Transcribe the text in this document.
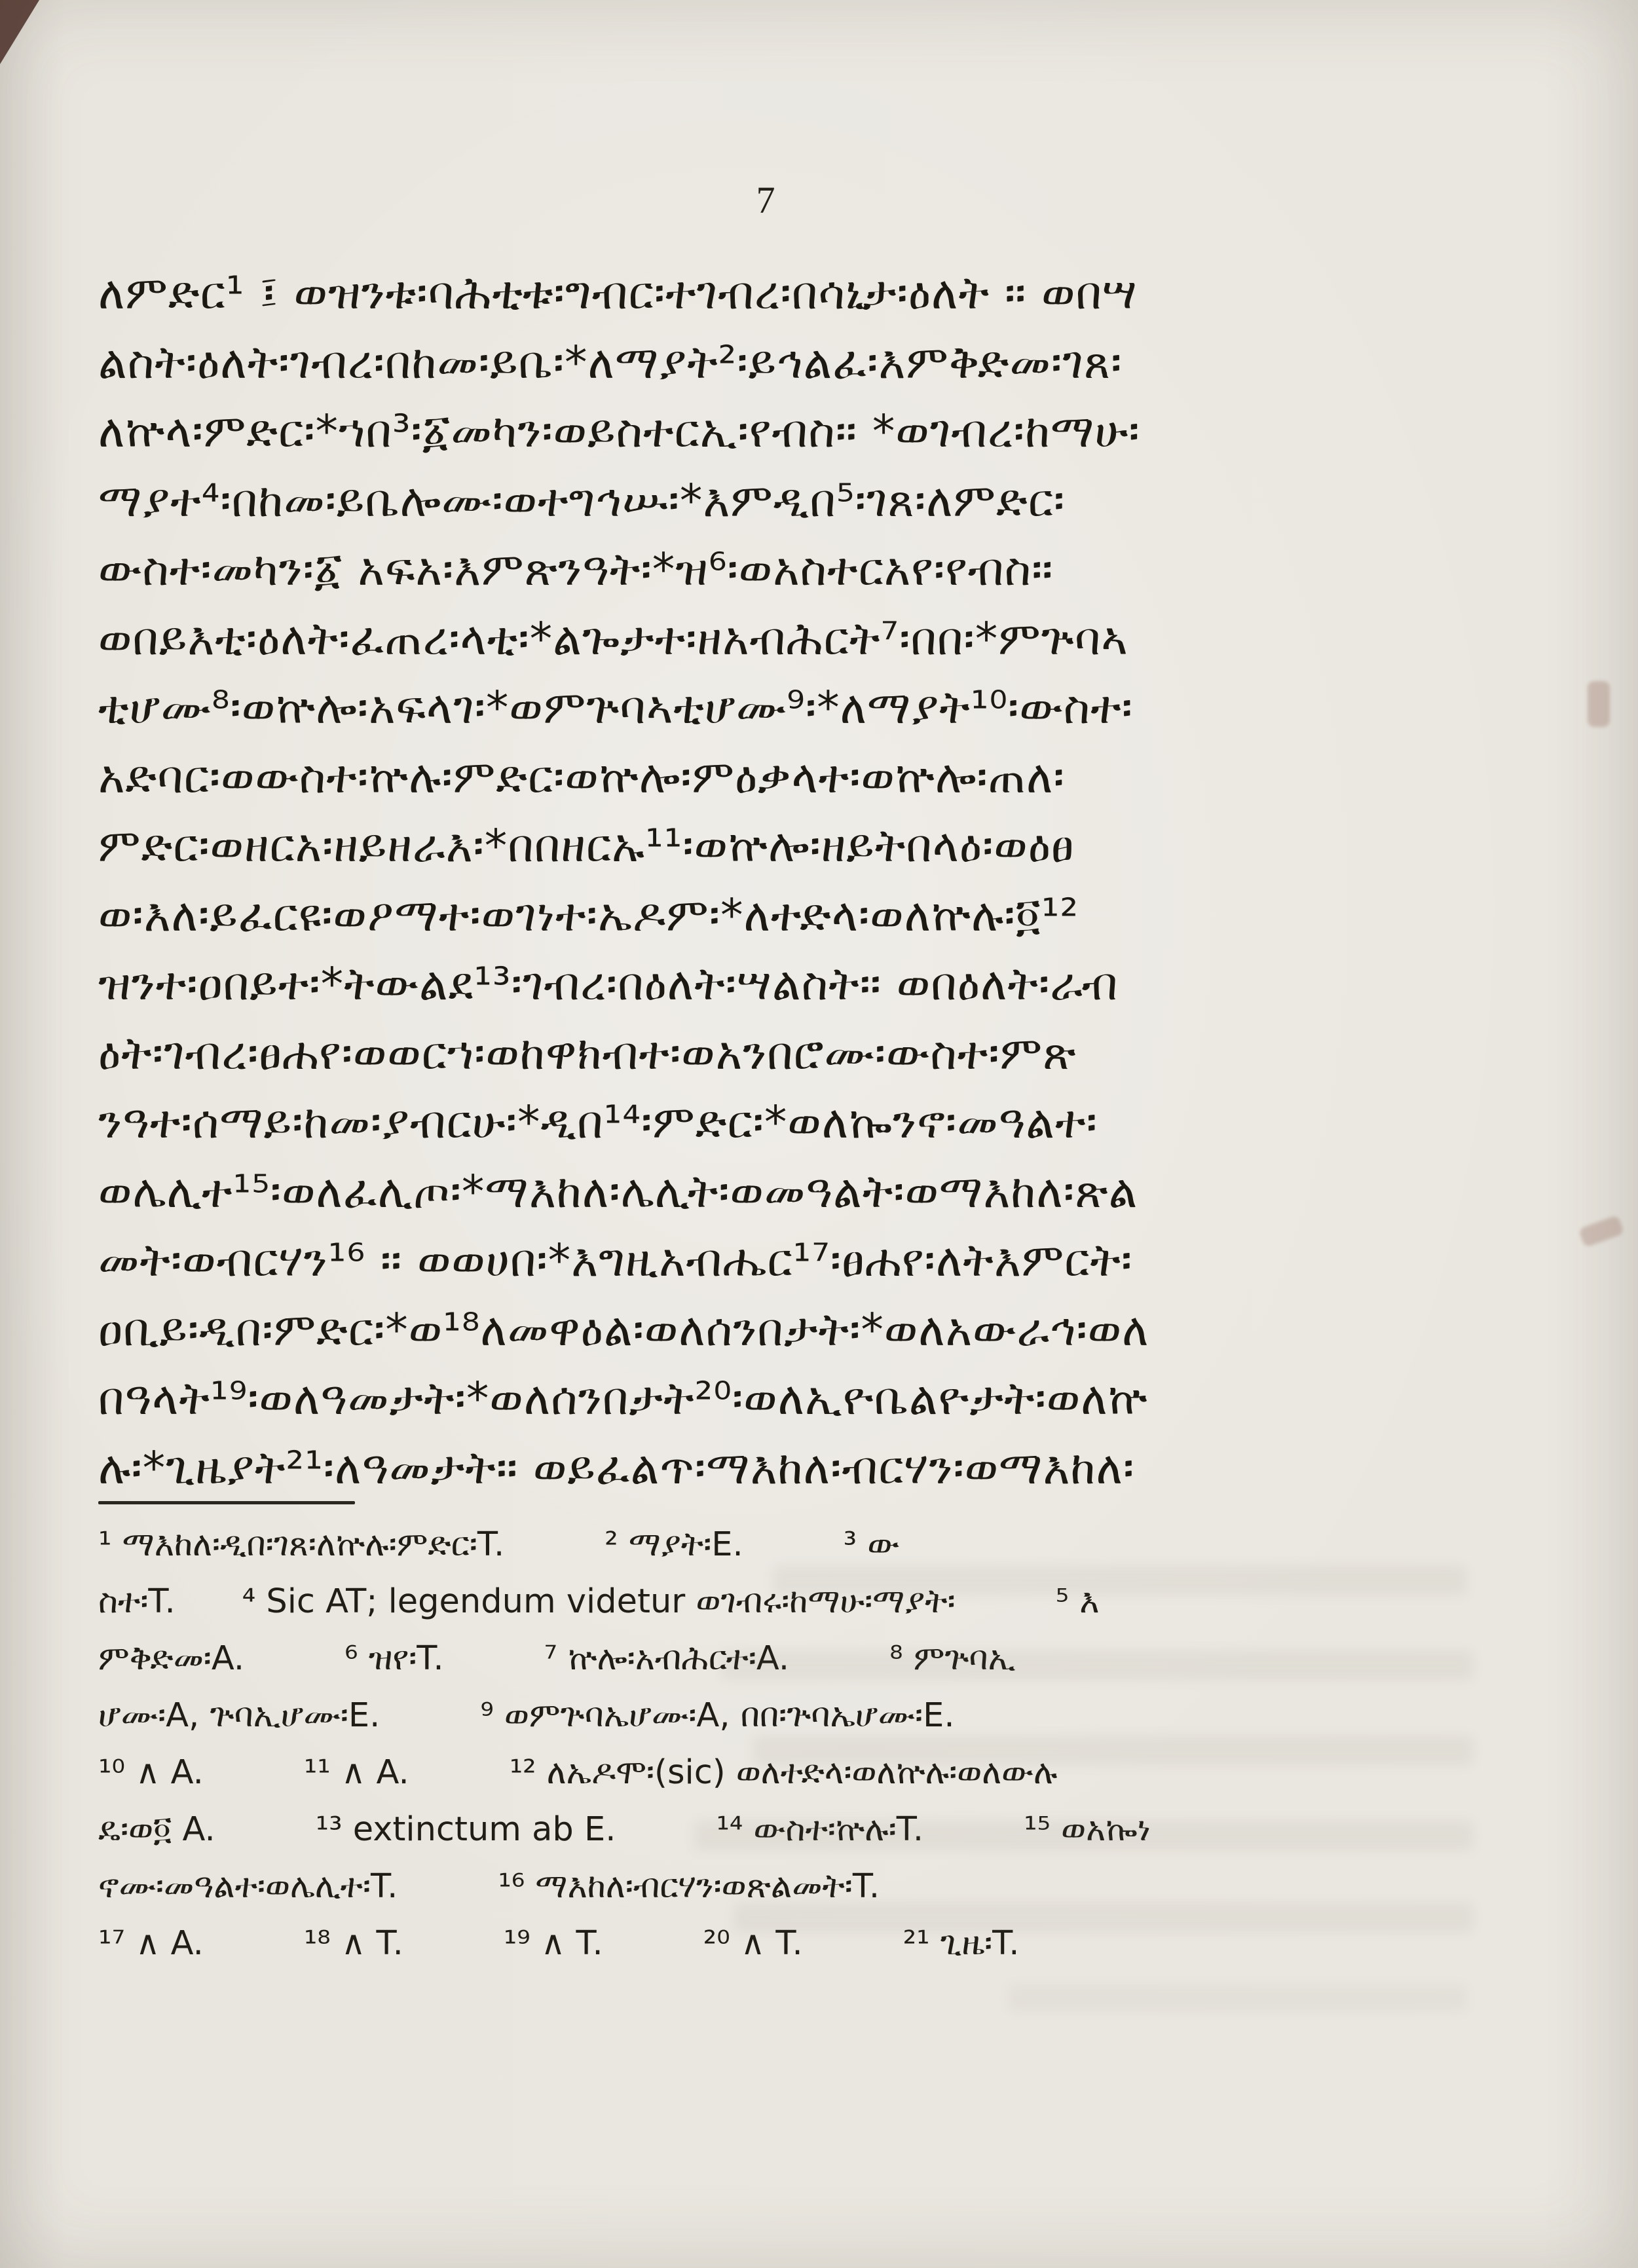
7
ለምድር¹ ፤ ወዝንቱ፡ባሕቲቱ፡ግብር፡ተገብረ፡በሳኒታ፡ዕለት ። ወበሣ
ልስት፡ዕለት፡ገብረ፡በከመ፡ይቤ፡*ለማያት²፡ይኅልፈ፡እምቅድመ፡ገጸ፡
ለኵላ፡ምድር፡*ኀበ³፡፩መካን፡ወይስተርኢ፡የብስ። *ወገብረ፡ከማሁ፡
ማያተ⁴፡በከመ፡ይቤሎሙ፡ወተግኅሡ፡*እምዲበ⁵፡ገጸ፡ለምድር፡
ውስተ፡መካን፡፩ አፍአ፡እምጽንዓት፡*ዝ⁶፡ወአስተርአየ፡የብስ።
ወበይእቲ፡ዕለት፡ፈጠረ፡ላቲ፡*ልጐታተ፡ዘአብሕርት⁷፡በበ፡*ምጕባኣ
ቲሆሙ⁸፡ወኵሎ፡አፍላገ፡*ወምጕባኣቲሆሙ⁹፡*ለማያት¹⁰፡ውስተ፡
አድባር፡ወውስተ፡ኵሉ፡ምድር፡ወኵሎ፡ምዕቃላተ፡ወኵሎ፡ጠለ፡
ምድር፡ወዘርአ፡ዘይዘራእ፡*በበዘርኡ¹¹፡ወኵሎ፡ዘይትበላዕ፡ወዕፀ
ወ፡እለ፡ይፈርዩ፡ወዖማተ፡ወገነተ፡ኤዶም፡*ለተድላ፡ወለኵሉ፡፬¹²
ዝንተ፡ዐበይተ፡*ትውልደ¹³፡ገብረ፡በዕለት፡ሣልስት። ወበዕለት፡ራብ
ዕት፡ገብረ፡ፀሐየ፡ወወርኀ፡ወከዋክብተ፡ወአንበሮሙ፡ውስተ፡ምጽ
ንዓተ፡ሰማይ፡ከመ፡ያብርሁ፡*ዲበ¹⁴፡ምድር፡*ወለኰንኖ፡መዓልተ፡
ወሌሊተ¹⁵፡ወለፈሊጦ፡*ማእከለ፡ሌሊት፡ወመዓልት፡ወማእከለ፡ጽል
መት፡ወብርሃን¹⁶ ። ወወሀበ፡*እግዚአብሔር¹⁷፡ፀሐየ፡ለትእምርት፡
ዐቢይ፡ዲበ፡ምድር፡*ወ¹⁸ለመዋዕል፡ወለሰንበታት፡*ወለአውራኅ፡ወለ
በዓላት¹⁹፡ወለዓመታት፡*ወለሰንበታት²⁰፡ወለኢዮቤልዮታት፡ወለኵ
ሉ፡*ጊዜያት²¹፡ለዓመታት። ወይፈልጥ፡ማእከለ፡ብርሃን፡ወማእከለ፡
¹ ማእከለ፡ዲበ፡ገጸ፡ለኵሉ፡ምድር፡T.   ² ማያት፡E.   ³ ው
ስተ፡T.  ⁴ Sic AT; legendum videtur ወገብሩ፡ከማሁ፡ማያት፡   ⁵ እ
ምቅድመ፡A.   ⁶ ዝየ፡T.   ⁷ ኵሎ፡አብሕርተ፡A.   ⁸ ምጕባኢ
ሆሙ፡A, ጕባኢሆሙ፡E.   ⁹ ወምጕባኤሆሙ፡A, በበ፡ጕባኤሆሙ፡E.
¹⁰ ∧ A.   ¹¹ ∧ A.   ¹² ለኤዶሞ፡(sic) ወለተድላ፡ወለኵሉ፡ወለውሉ
ዴ፡ወ፬ A.   ¹³ extinctum ab E.   ¹⁴ ውስተ፡ኵሉ፡T.   ¹⁵ ወአኰነ
ኖሙ፡መዓልተ፡ወሌሊተ፡T.   ¹⁶ ማእከለ፡ብርሃን፡ወጽልመት፡T.
¹⁷ ∧ A.   ¹⁸ ∧ T.   ¹⁹ ∧ T.   ²⁰ ∧ T.   ²¹ ጊዜ፡T.
